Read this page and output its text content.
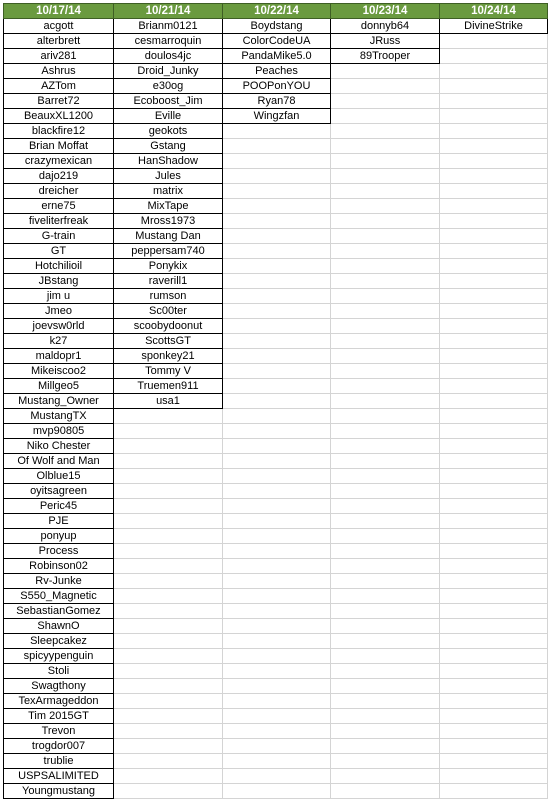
10/17/14	10/21/14	10/22/14	10/23/14	10/24/14
acgott	Brianm0121	Boydstang	donnyb64	DivineStrike
alterbrett	cesmarroquin	ColorCodeUA	JRuss	
ariv281	doulos4jc	PandaMike5.0	89Trooper	
Ashrus	Droid_Junky	Peaches		
AZTom	e30og	POOPonYOU		
Barret72	Ecoboost_Jim	Ryan78		
BeauxXL1200	Eville	Wingzfan		
blackfire12	geokots			
Brian Moffat	Gstang			
crazymexican	HanShadow			
dajo219	Jules			
dreicher	matrix			
erne75	MixTape			
fiveliterfreak	Mross1973			
G-train	Mustang Dan			
GT	peppersam740			
Hotchilioil	Ponykix			
JBstang	raverill1			
jim u	rumson			
Jmeo	Sc00ter			
joevsw0rld	scoobydoonut			
k27	ScottsGT			
maldopr1	sponkey21			
Mikeiscoo2	Tommy V			
Millgeo5	Truemen911			
Mustang_Owner	usa1			
MustangTX				
mvp90805				
Niko Chester				
Of Wolf and Man				
Olblue15				
oyitsagreen				
Peric45				
PJE				
ponyup				
Process				
Robinson02				
Rv-Junke				
S550_Magnetic				
SebastianGomez				
ShawnO				
Sleepcakez				
spicyypenguin				
Stoli				
Swagthony				
TexArmageddon				
Tim 2015GT				
Trevon				
trogdor007				
trublie				
USPSALIMITED				
Youngmustang				
